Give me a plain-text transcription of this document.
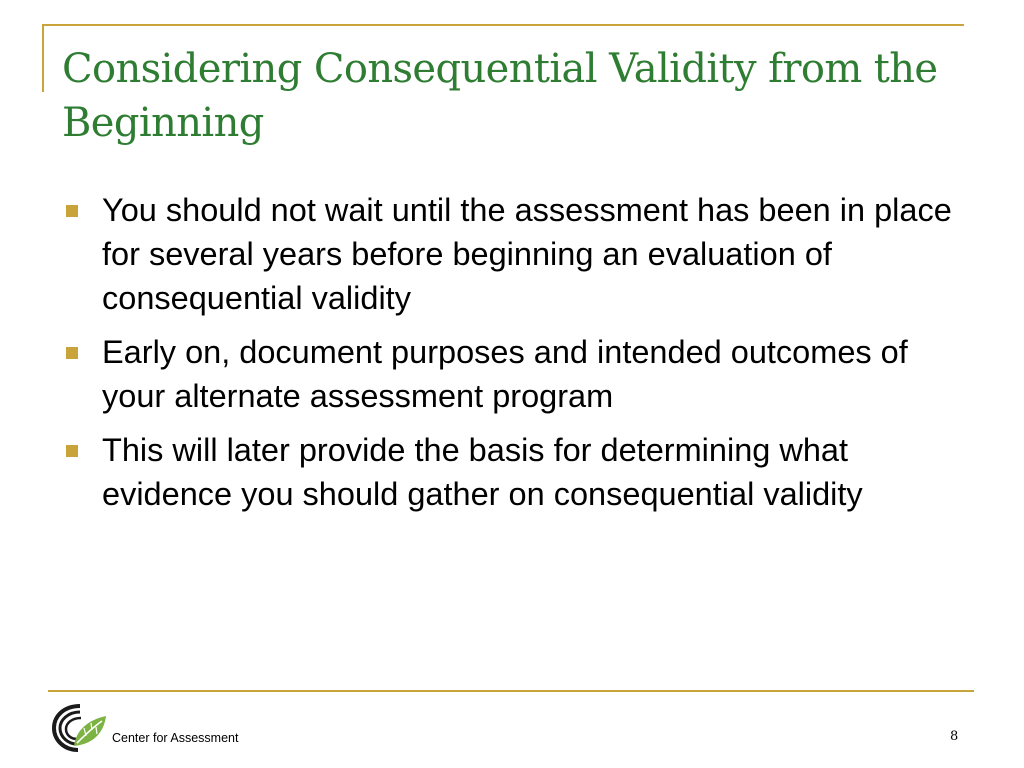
Considering Consequential Validity from the Beginning
You should not wait until the assessment has been in place for several years before beginning an evaluation of consequential validity
Early on, document purposes and intended outcomes of your alternate assessment program
This will later provide the basis for determining what evidence you should gather on consequential validity
Center for Assessment	8
